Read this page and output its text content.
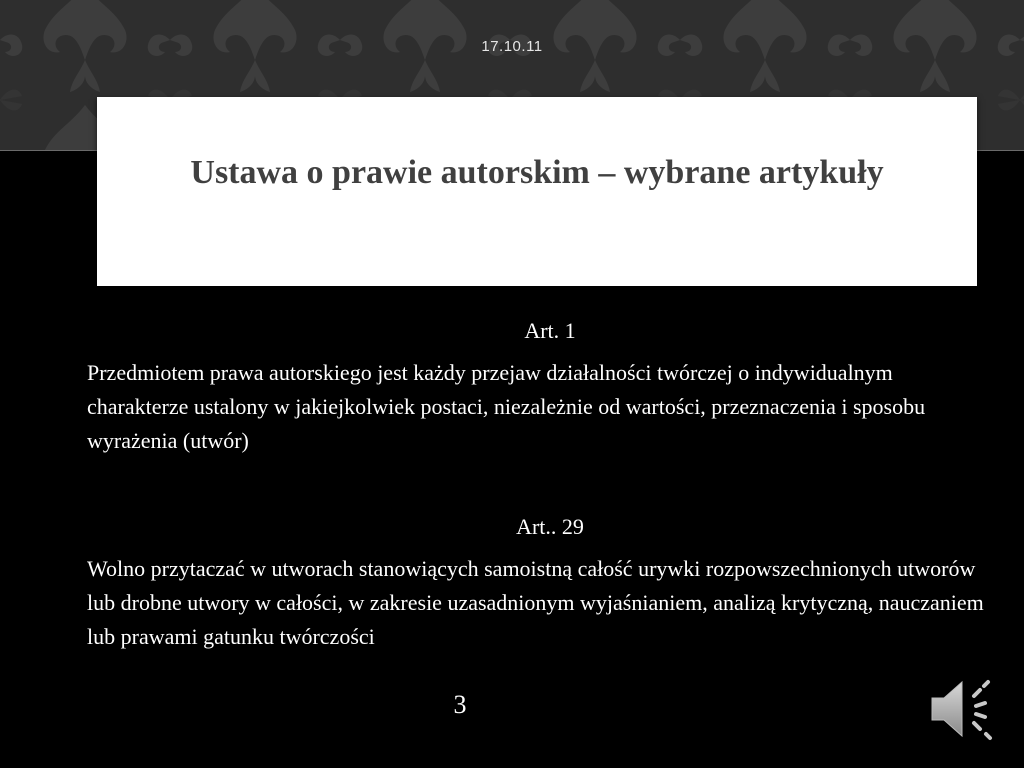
17.10.11
Ustawa o prawie autorskim – wybrane artykuły
Art. 1

Przedmiotem prawa autorskiego jest każdy przejaw działalności twórczej o indywidualnym charakterze ustalony w jakiejkolwiek postaci, niezależnie od wartości, przeznaczenia i sposobu wyrażenia (utwór)

Art.. 29

Wolno przytaczać w utworach stanowiących samoistną całość urywki rozpowszechnionych utworów lub drobne utwory w całości, w zakresie uzasadnionym wyjaśnianiem, analizą krytyczną, nauczaniem lub prawami gatunku twórczości

3
